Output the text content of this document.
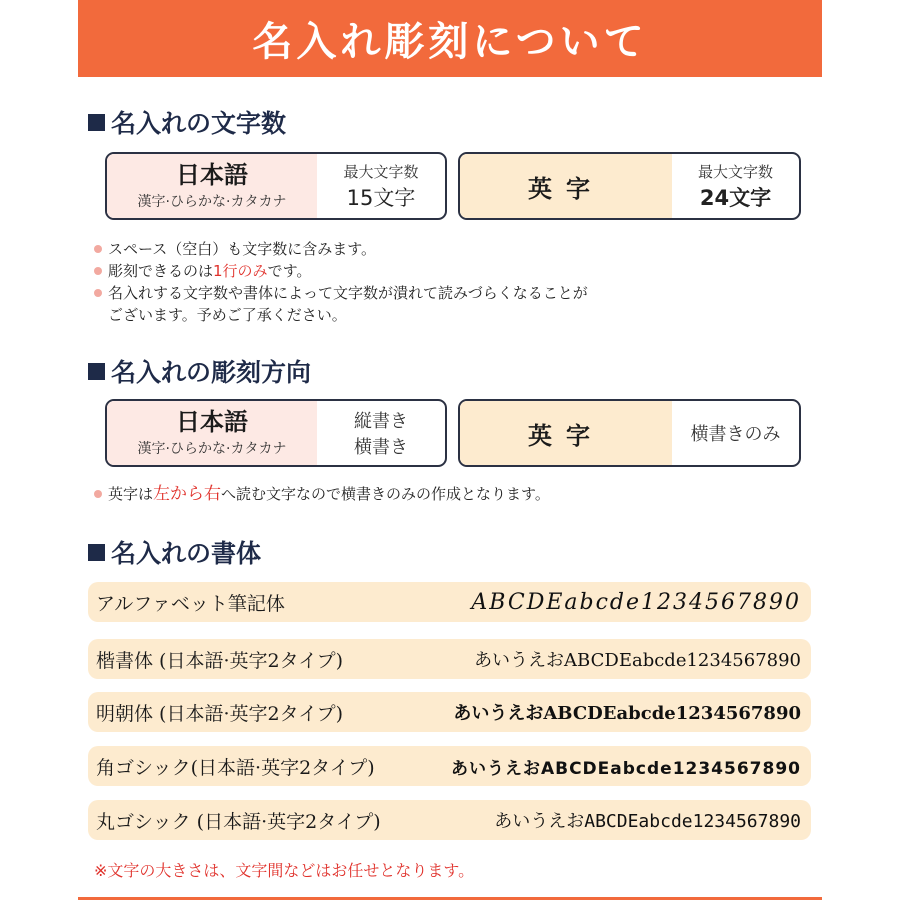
名入れ彫刻について
名入れの文字数
日本語
漢字·ひらかな·カタカナ
最大文字数
15文字	英字
最大文字数
24文字
スペース（空白）も文字数に含みます。
彫刻できるのは1行のみです。
名入れする文字数や書体によって文字数が潰れて読みづらくなることが
ございます。予めご了承ください。
名入れの彫刻方向
日本語
漢字·ひらかな·カタカナ
縦書き
横書き	英字	横書きのみ
英字は左から右へ読む文字なので横書きのみの作成となります。
名入れの書体
アルファベット筆記体	ABCDEabcde1234567890
楷書体 (日本語·英字2タイプ)	あいうえおABCDEabcde1234567890
明朝体 (日本語·英字2タイプ)	あいうえおABCDEabcde1234567890
角ゴシック(日本語·英字2タイプ)	あいうえおABCDEabcde1234567890
丸ゴシック (日本語·英字2タイプ)	あいうえおABCDEabcde1234567890
※文字の大きさは、文字間などはお任せとなります。
